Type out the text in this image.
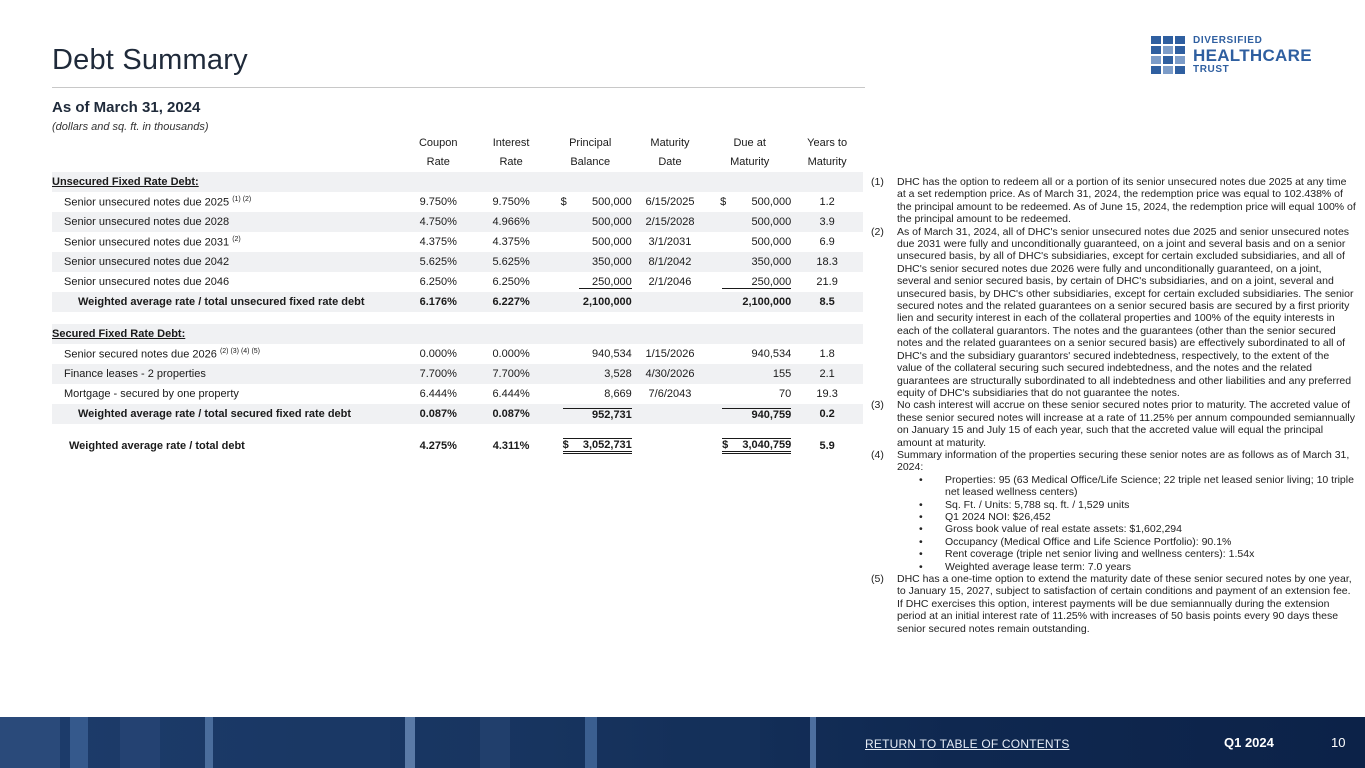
Debt Summary
DIVERSIFIED
HEALTHCARE
TRUST
As of March 31, 2024
(dollars and sq. ft. in thousands)
	Coupon	Interest	Principal	Maturity	Due at	Years to
	Rate	Rate	Balance	Date	Maturity	Maturity
Unsecured Fixed Rate Debt:						
Senior unsecured notes due 2025 $^{(1) (2)}$	9.750%	9.750%	$ 500,000	6/15/2025	$ 500,000	1.2
Senior unsecured notes due 2028	4.750%	4.966%	500,000	2/15/2028	500,000	3.9
Senior unsecured notes due 2031 $^{(2)}$	4.375%	4.375%	500,000	3/1/2031	500,000	6.9
Senior unsecured notes due 2042	5.625%	5.625%	350,000	8/1/2042	350,000	18.3
Senior unsecured notes due 2046	6.250%	6.250%	250,000	2/1/2046	250,000	21.9
Weighted average rate / total unsecured fixed rate debt	6.176%	6.227%	2,100,000		2,100,000	8.5

Secured Fixed Rate Debt:						
Senior secured notes due 2026 $^{(2) (3) (4) (5)}$	0.000%	0.000%	940,534	1/15/2026	940,534	1.8
Finance leases - 2 properties	7.700%	7.700%	3,528	4/30/2026	155	2.1
Mortgage - secured by one property	6.444%	6.444%	8,669	7/6/2043	70	19.3
Weighted average rate / total secured fixed rate debt	0.087%	0.087%	952,731		940,759	0.2

Weighted average rate / total debt	4.275%	4.311%	$ 3,052,731		$ 3,040,759	5.9
(1)	DHC has the option to redeem all or a portion of its senior unsecured notes due 2025 at any time at a set redemption price. As of March 31, 2024, the redemption price was equal to 102.438% of the principal amount to be redeemed. As of June 15, 2024, the redemption price will equal 100% of the principal amount to be redeemed.
(2)	As of March 31, 2024, all of DHC's senior unsecured notes due 2025 and senior unsecured notes due 2031 were fully and unconditionally guaranteed, on a joint and several basis and on a senior unsecured basis, by all of DHC's subsidiaries, except for certain excluded subsidiaries, and all of DHC's senior secured notes due 2026 were fully and unconditionally guaranteed, on a joint, several and senior secured basis, by certain of DHC's subsidiaries, and on a joint, several and unsecured basis, by DHC's other subsidiaries, except for certain excluded subsidiaries. The senior secured notes and the related guarantees on a senior secured basis are secured by a first priority lien and security interest in each of the collateral properties and 100% of the equity interests in each of the collateral guarantors. The notes and the guarantees (other than the senior secured notes and the related guarantees on a senior secured basis) are effectively subordinated to all of DHC's and the subsidiary guarantors' secured indebtedness, respectively, to the extent of the value of the collateral securing such secured indebtedness, and the notes and the related guarantees are structurally subordinated to all indebtedness and other liabilities and any preferred equity of DHC's subsidiaries that do not guarantee the notes.
(3)	No cash interest will accrue on these senior secured notes prior to maturity. The accreted value of these senior secured notes will increase at a rate of 11.25% per annum compounded semiannually on January 15 and July 15 of each year, such that the accreted value will equal the principal amount at maturity.
(4)	Summary information of the properties securing these senior notes are as follows as of March 31, 2024:
•	Properties: 95 (63 Medical Office/Life Science; 22 triple net leased senior living; 10 triple net leased wellness centers)
•	Sq. Ft. / Units: 5,788 sq. ft. / 1,529 units
•	Q1 2024 NOI: $26,452
•	Gross book value of real estate assets: $1,602,294
•	Occupancy (Medical Office and Life Science Portfolio): 90.1%
•	Rent coverage (triple net senior living and wellness centers): 1.54x
•	Weighted average lease term: 7.0 years
(5)	DHC has a one-time option to extend the maturity date of these senior secured notes by one year, to January 15, 2027, subject to satisfaction of certain conditions and payment of an extension fee. If DHC exercises this option, interest payments will be due semiannually during the extension period at an initial interest rate of 11.25% with increases of 50 basis points every 90 days these senior secured notes remain outstanding.
RETURN TO TABLE OF CONTENTS	Q1 2024	10
